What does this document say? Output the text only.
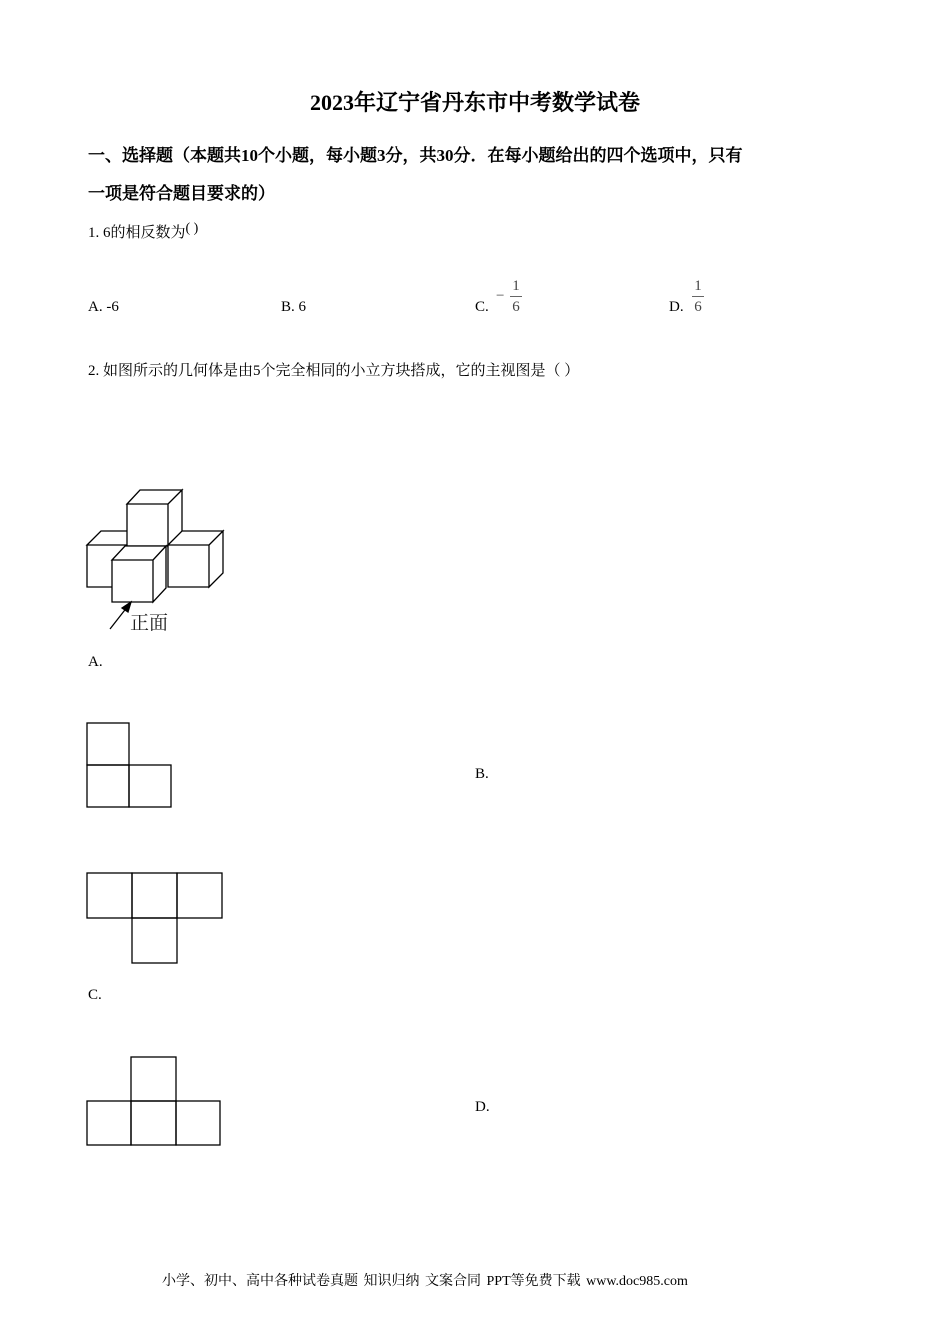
2023年辽宁省丹东市中考数学试卷
一、选择题（本题共10个小题，每小题3分，共30分．在每小题给出的四个选项中，只有
一项是符合题目要求的）
1. 6的相反数为( )
A. -6	B. 6	C.
− $\frac{1}{6}$	D. $\frac{1}{6}$
2. 如图所示的几何体是由5个完全相同的小立方块搭成，它的主视图是（ ）
正面
A.
B.
C.
D.
小学、初中、高中各种试卷真题 知识归纳 文案合同 PPT等免费下载 www.doc985.com
